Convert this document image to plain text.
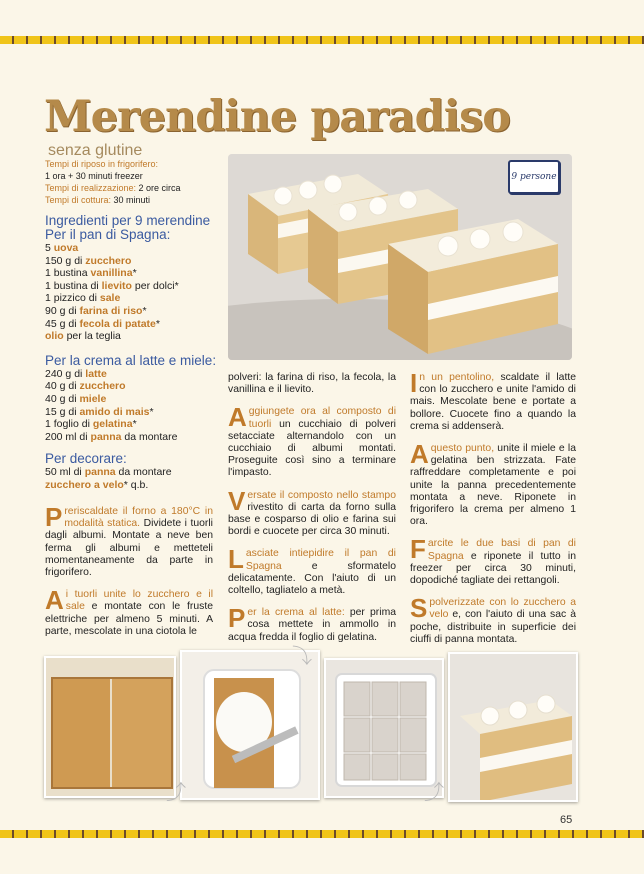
Merendine paradiso senza glutine
Tempi di riposo in frigorifero:
1 ora + 30 minuti freezer
Tempi di realizzazione: 2 ore circa
Tempi di cottura: 30 minuti
Ingredienti per 9 merendine
Per il pan di Spagna:
5 uova
150 g di zucchero
1 bustina vanillina*
1 bustina di lievito per dolci*
1 pizzico di sale
90 g di farina di riso*
45 g di fecola di patate*
olio per la teglia
Per la crema al latte e miele:
240 g di latte
40 g di zucchero
40 g di miele
15 g di amido di mais*
1 foglio di gelatina*
200 ml di panna da montare
Per decorare:
50 ml di panna da montare
zucchero a velo* q.b.
9 persone
Preriscaldate il forno a 180°C in modalità statica. Dividete i tuorli dagli albumi. Montate a neve ben ferma gli albumi e metteteli momentaneamente da parte in frigorifero.
Ai tuorli unite lo zucchero e il sale e montate con le fruste elettriche per almeno 5 minuti. A parte, mescolate in una ciotola le
polveri: la farina di riso, la fecola, la vanillina e il lievito.
Aggiungete ora al composto di tuorli un cucchiaio di polveri setacciate alternandolo con un cucchiaio di albumi montati. Proseguite così sino a terminare l'impasto.
Versate il composto nello stampo rivestito di carta da forno sulla base e cosparso di olio e farina sui bordi e cuocete per circa 30 minuti.
Lasciate intiepidire il pan di Spagna e sformatelo delicatamente. Con l'aiuto di un coltello, tagliatelo a metà.
Per la crema al latte: per prima cosa mettete in ammollo in acqua fredda il foglio di gelatina.
In un pentolino, scaldate il latte con lo zucchero e unite l'amido di mais. Mescolate bene e portate a bollore. Cuocete fino a quando la crema si addenserà.
Aquesto punto, unite il miele e la gelatina ben strizzata. Fate raffreddare completamente e poi unite la panna precedentemente montata a neve. Riponete in frigorifero la crema per almeno 1 ora.
Farcite le due basi di pan di Spagna e riponete il tutto in freezer per circa 30 minuti, dopodiché tagliate dei rettangoli.
Spolverizzate con lo zucchero a velo e, con l'aiuto di una sac à poche, distribuite in superficie dei ciuffi di panna montata.
⤵
⤴	⤴
65
